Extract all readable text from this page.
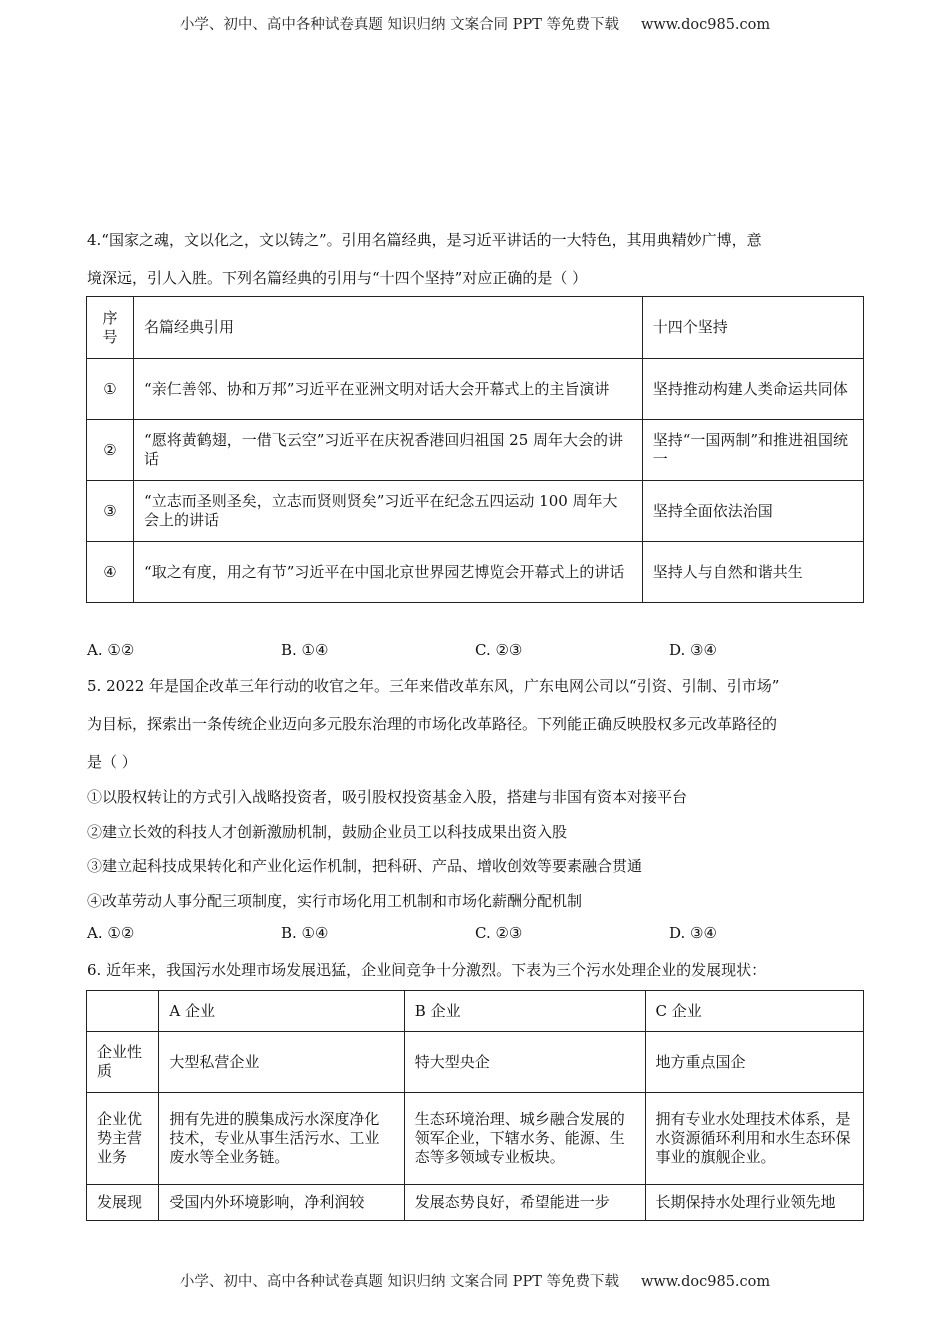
小学、初中、高中各种试卷真题 知识归纳 文案合同 PPT 等免费下载 www.doc985.com
4.“国家之魂，文以化之，文以铸之”。引用名篇经典，是习近平讲话的一大特色，其用典精妙广博，意
境深远，引人入胜。下列名篇经典的引用与“十四个坚持”对应正确的是（ ）
序号	名篇经典引用	十四个坚持
①	“亲仁善邻、协和万邦”习近平在亚洲文明对话大会开幕式上的主旨演讲	坚持推动构建人类命运共同体
②	“愿将黄鹤翅，一借飞云空”习近平在庆祝香港回归祖国 25 周年大会的讲话	坚持“一国两制”和推进祖国统一
③	“立志而圣则圣矣，立志而贤则贤矣”习近平在纪念五四运动 100 周年大会上的讲话	坚持全面依法治国
④	“取之有度，用之有节”习近平在中国北京世界园艺博览会开幕式上的讲话	坚持人与自然和谐共生
A. ①②	B. ①④	C. ②③	D. ③④
5. 2022 年是国企改革三年行动的收官之年。三年来借改革东风，广东电网公司以“引资、引制、引市场”
为目标，探索出一条传统企业迈向多元股东治理的市场化改革路径。下列能正确反映股权多元改革路径的
是（ ）
①以股权转让的方式引入战略投资者，吸引股权投资基金入股，搭建与非国有资本对接平台
②建立长效的科技人才创新激励机制，鼓励企业员工以科技成果出资入股
③建立起科技成果转化和产业化运作机制，把科研、产品、增收创效等要素融合贯通
④改革劳动人事分配三项制度，实行市场化用工机制和市场化薪酬分配机制
A. ①②	B. ①④	C. ②③	D. ③④
6. 近年来，我国污水处理市场发展迅猛，企业间竞争十分激烈。下表为三个污水处理企业的发展现状：
	A 企业	B 企业	C 企业
企业性质	大型私营企业	特大型央企	地方重点国企
企业优势主营业务	拥有先进的膜集成污水深度净化技术，专业从事生活污水、工业废水等全业务链。	生态环境治理、城乡融合发展的领军企业，下辖水务、能源、生态等多领域专业板块。	拥有专业水处理技术体系，是水资源循环利用和水生态环保事业的旗舰企业。
发展现	受国内外环境影响，净利润较	发展态势良好，希望能进一步	长期保持水处理行业领先地
小学、初中、高中各种试卷真题 知识归纳 文案合同 PPT 等免费下载 www.doc985.com
